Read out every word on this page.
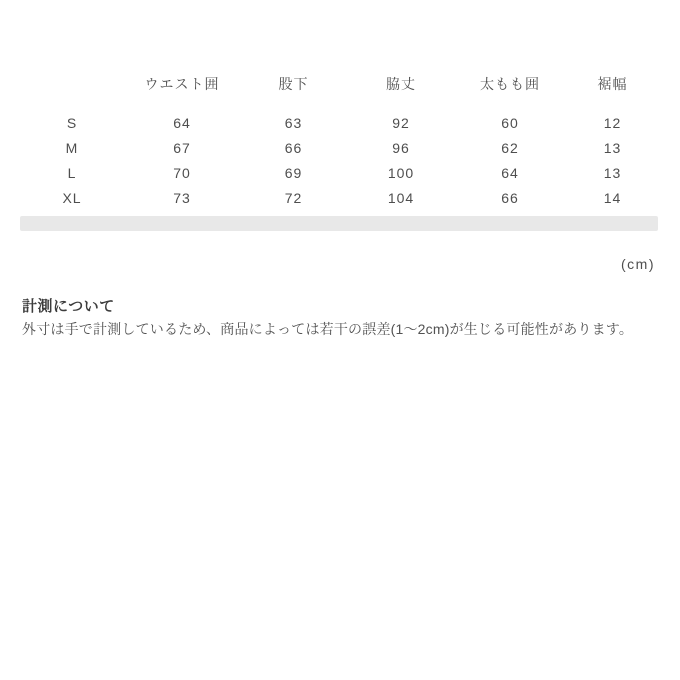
	ウエスト囲	股下	脇丈	太もも囲	裾幅
S	64	63	92	60	12
M	67	66	96	62	13
L	70	69	100	64	13
XL	73	72	104	66	14
(cm)
計測について
外寸は手で計測しているため、商品によっては若干の誤差(1〜2cm)が生じる可能性があります。
